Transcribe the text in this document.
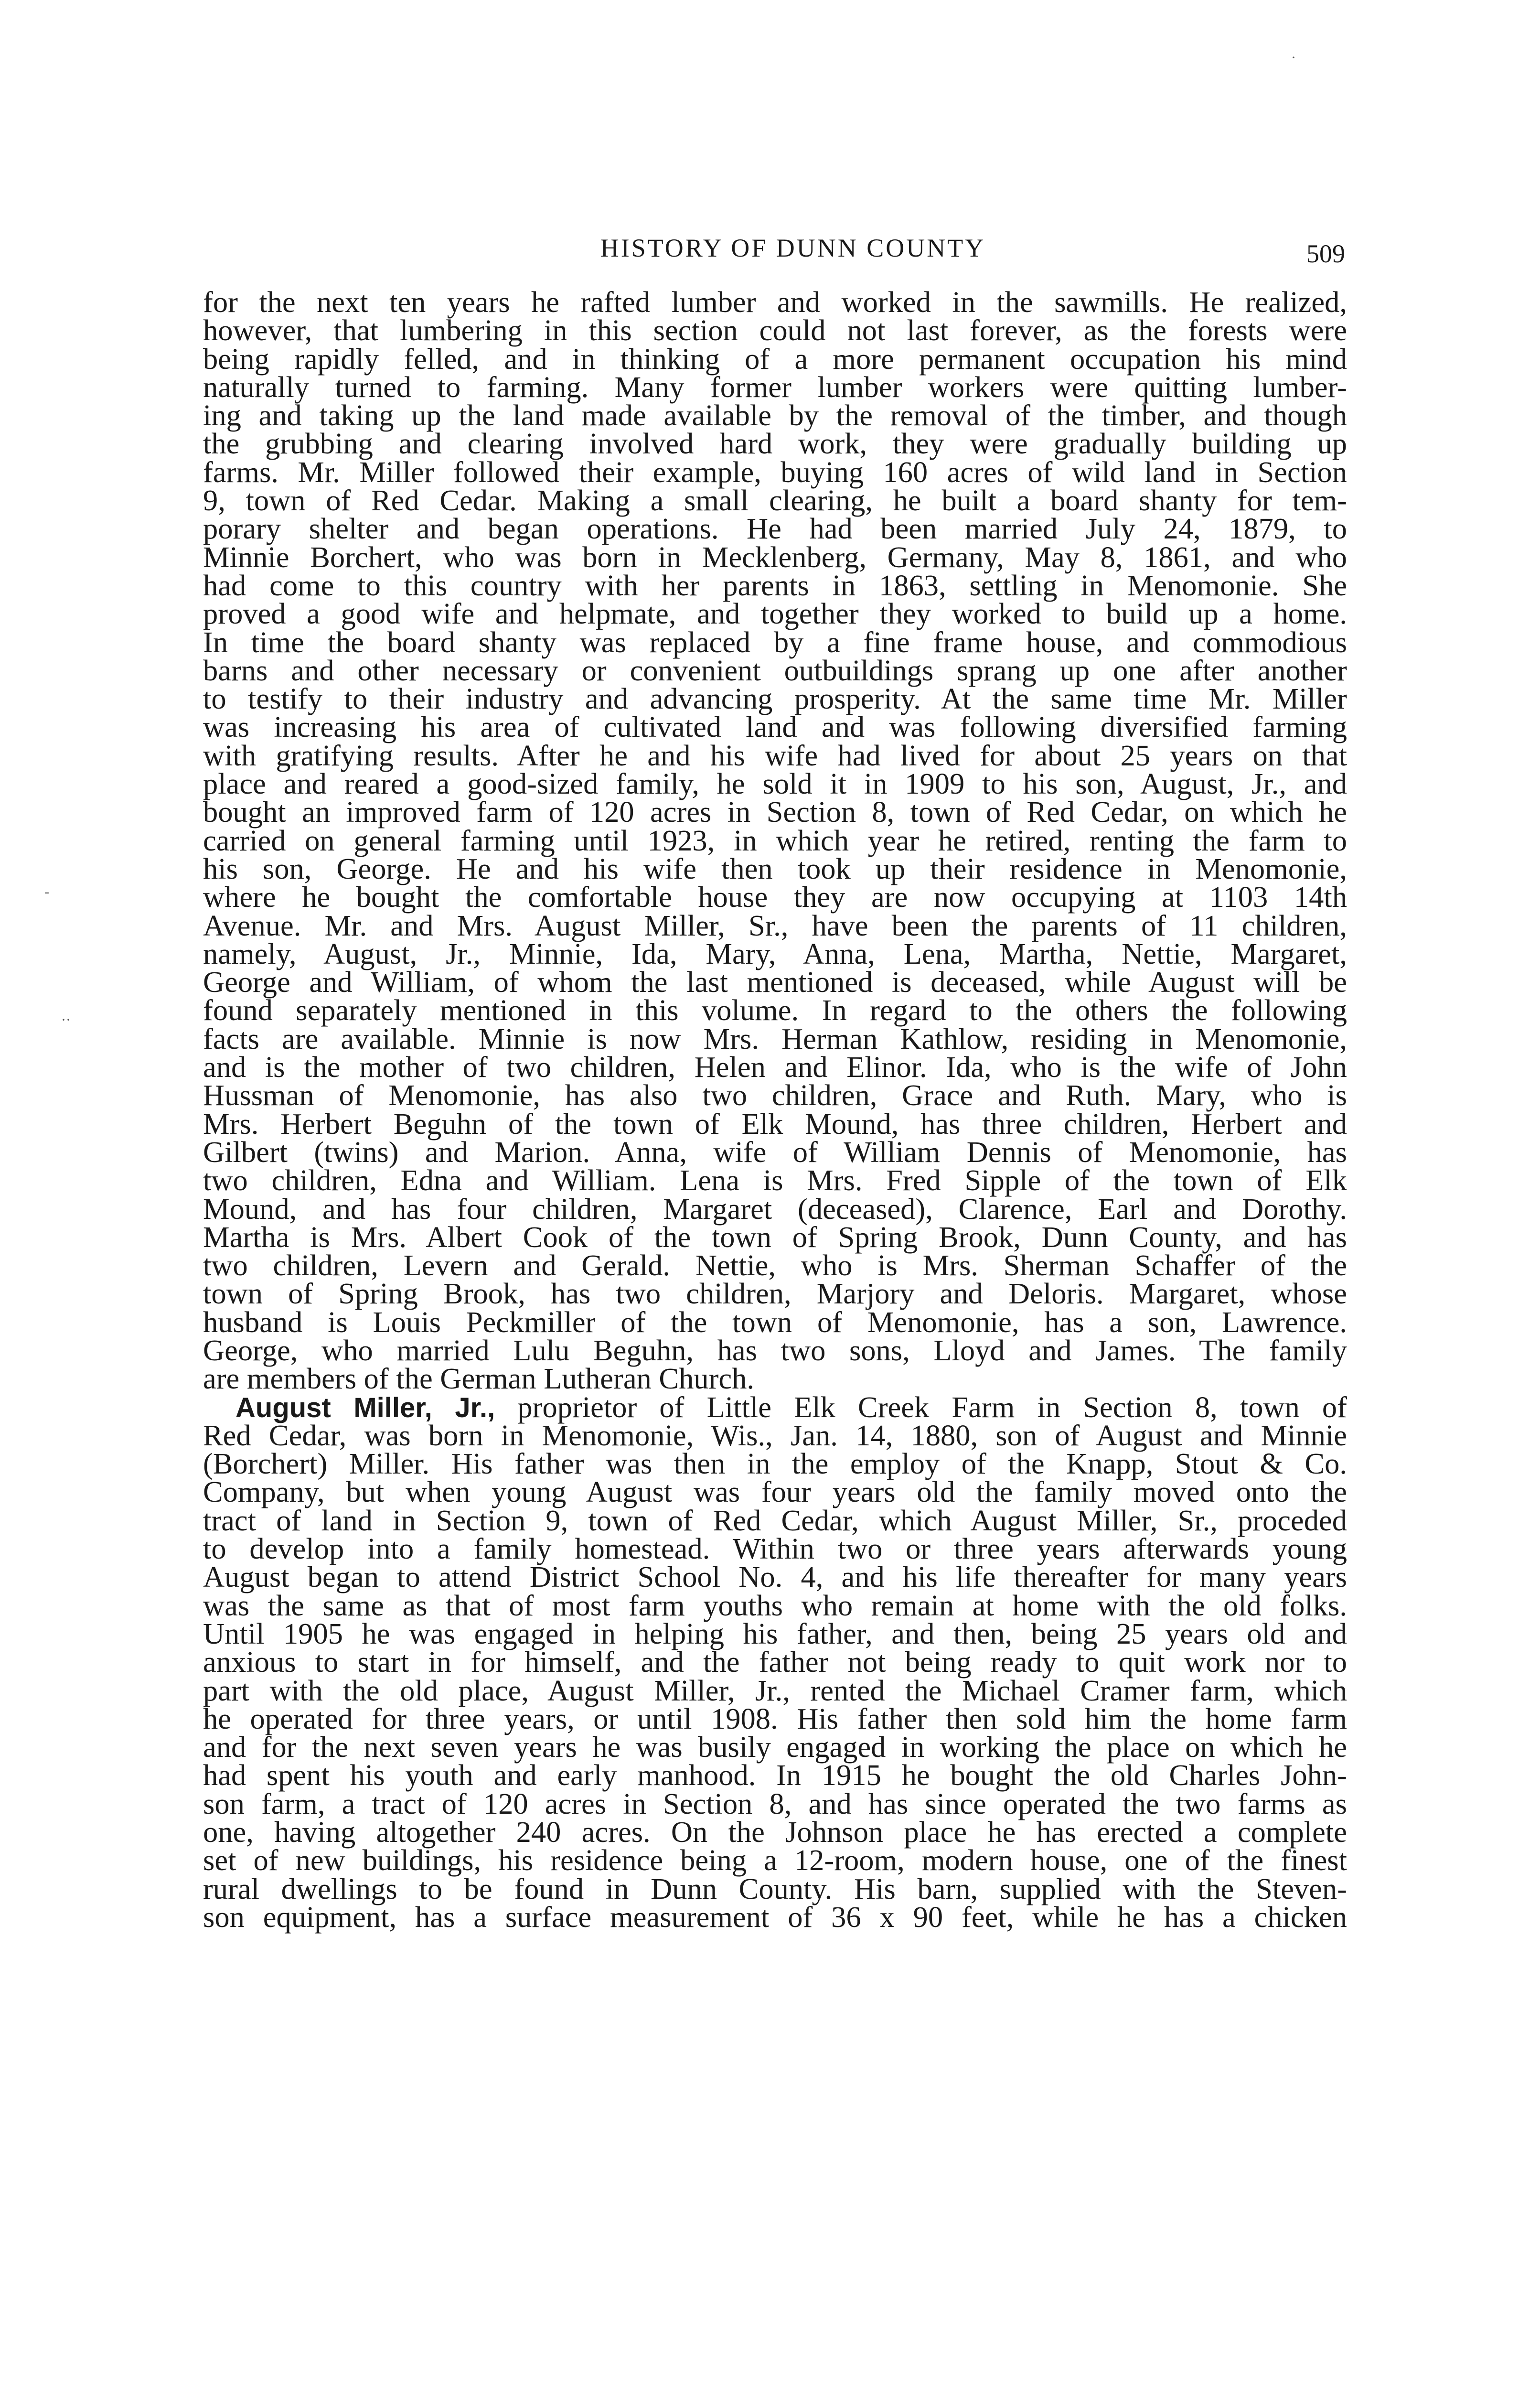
HISTORY OF DUNN COUNTY	509
for the next ten years he rafted lumber and worked in the sawmills. He realized,
however, that lumbering in this section could not last forever, as the forests were
being rapidly felled, and in thinking of a more permanent occupation his mind
naturally turned to farming. Many former lumber workers were quitting lumber-
ing and taking up the land made available by the removal of the timber, and though
the grubbing and clearing involved hard work, they were gradually building up
farms. Mr. Miller followed their example, buying 160 acres of wild land in Section
9, town of Red Cedar. Making a small clearing, he built a board shanty for tem-
porary shelter and began operations. He had been married July 24, 1879, to
Minnie Borchert, who was born in Mecklenberg, Germany, May 8, 1861, and who
had come to this country with her parents in 1863, settling in Menomonie. She
proved a good wife and helpmate, and together they worked to build up a home.
In time the board shanty was replaced by a fine frame house, and commodious
barns and other necessary or convenient outbuildings sprang up one after another
to testify to their industry and advancing prosperity. At the same time Mr. Miller
was increasing his area of cultivated land and was following diversified farming
with gratifying results. After he and his wife had lived for about 25 years on that
place and reared a good-sized family, he sold it in 1909 to his son, August, Jr., and
bought an improved farm of 120 acres in Section 8, town of Red Cedar, on which he
carried on general farming until 1923, in which year he retired, renting the farm to
his son, George. He and his wife then took up their residence in Menomonie,
where he bought the comfortable house they are now occupying at 1103 14th
Avenue. Mr. and Mrs. August Miller, Sr., have been the parents of 11 children,
namely, August, Jr., Minnie, Ida, Mary, Anna, Lena, Martha, Nettie, Margaret,
George and William, of whom the last mentioned is deceased, while August will be
found separately mentioned in this volume. In regard to the others the following
facts are available. Minnie is now Mrs. Herman Kathlow, residing in Menomonie,
and is the mother of two children, Helen and Elinor. Ida, who is the wife of John
Hussman of Menomonie, has also two children, Grace and Ruth. Mary, who is
Mrs. Herbert Beguhn of the town of Elk Mound, has three children, Herbert and
Gilbert (twins) and Marion. Anna, wife of William Dennis of Menomonie, has
two children, Edna and William. Lena is Mrs. Fred Sipple of the town of Elk
Mound, and has four children, Margaret (deceased), Clarence, Earl and Dorothy.
Martha is Mrs. Albert Cook of the town of Spring Brook, Dunn County, and has
two children, Levern and Gerald. Nettie, who is Mrs. Sherman Schaffer of the
town of Spring Brook, has two children, Marjory and Deloris. Margaret, whose
husband is Louis Peckmiller of the town of Menomonie, has a son, Lawrence.
George, who married Lulu Beguhn, has two sons, Lloyd and James. The family
are members of the German Lutheran Church.
August Miller, Jr., proprietor of Little Elk Creek Farm in Section 8, town of
Red Cedar, was born in Menomonie, Wis., Jan. 14, 1880, son of August and Minnie
(Borchert) Miller. His father was then in the employ of the Knapp, Stout & Co.
Company, but when young August was four years old the family moved onto the
tract of land in Section 9, town of Red Cedar, which August Miller, Sr., proceded
to develop into a family homestead. Within two or three years afterwards young
August began to attend District School No. 4, and his life thereafter for many years
was the same as that of most farm youths who remain at home with the old folks.
Until 1905 he was engaged in helping his father, and then, being 25 years old and
anxious to start in for himself, and the father not being ready to quit work nor to
part with the old place, August Miller, Jr., rented the Michael Cramer farm, which
he operated for three years, or until 1908. His father then sold him the home farm
and for the next seven years he was busily engaged in working the place on which he
had spent his youth and early manhood. In 1915 he bought the old Charles John-
son farm, a tract of 120 acres in Section 8, and has since operated the two farms as
one, having altogether 240 acres. On the Johnson place he has erected a complete
set of new buildings, his residence being a 12-room, modern house, one of the finest
rural dwellings to be found in Dunn County. His barn, supplied with the Steven-
son equipment, has a surface measurement of 36 x 90 feet, while he has a chicken
·
-
··
